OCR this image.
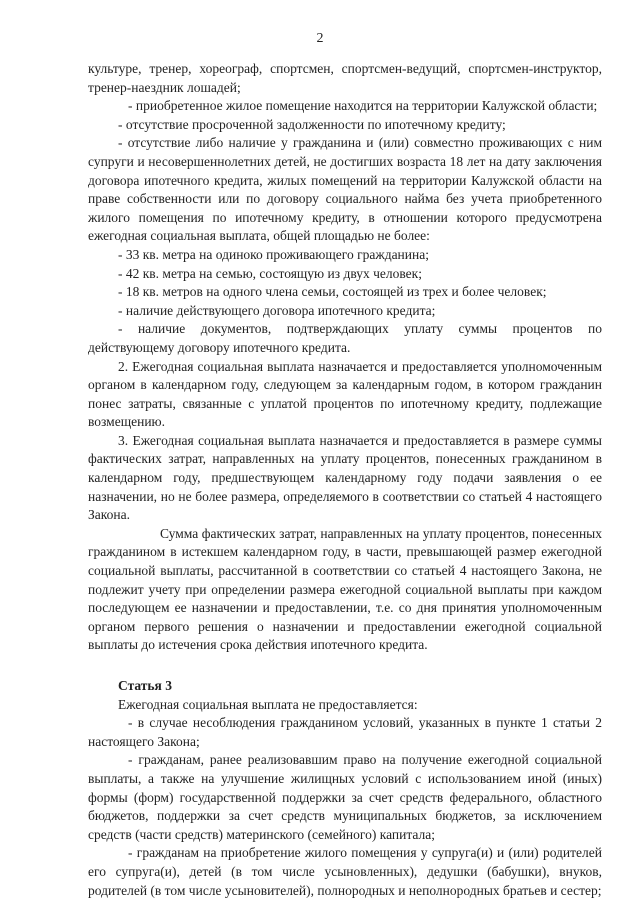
2

культуре, тренер, хореограф, спортсмен, спортсмен-ведущий, спортсмен-инструктор, тренер-наездник лошадей;

- приобретенное жилое помещение находится на территории Калужской области;

- отсутствие просроченной задолженности по ипотечному кредиту;

- отсутствие либо наличие у гражданина и (или) совместно проживающих с ним супруги и несовершеннолетних детей, не достигших возраста 18 лет на дату заключения договора ипотечного кредита, жилых помещений на территории Калужской области на праве собственности или по договору социального найма без учета приобретенного жилого помещения по ипотечному кредиту, в отношении которого предусмотрена ежегодная социальная выплата, общей площадью не более:

- 33 кв. метра на одиноко проживающего гражданина;

- 42 кв. метра на семью, состоящую из двух человек;

- 18 кв. метров на одного члена семьи, состоящей из трех и более человек;

- наличие действующего договора ипотечного кредита;

- наличие документов, подтверждающих уплату суммы процентов по действующему договору ипотечного кредита.

2. Ежегодная социальная выплата назначается и предоставляется уполномоченным органом в календарном году, следующем за календарным годом, в котором гражданин понес затраты, связанные с уплатой процентов по ипотечному кредиту, подлежащие возмещению.

3. Ежегодная социальная выплата назначается и предоставляется в размере суммы фактических затрат, направленных на уплату процентов, понесенных гражданином в календарном году, предшествующем календарному году подачи заявления о ее назначении, но не более размера, определяемого в соответствии со статьей 4 настоящего Закона.

Сумма фактических затрат, направленных на уплату процентов, понесенных гражданином в истекшем календарном году, в части, превышающей размер ежегодной социальной выплаты, рассчитанной в соответствии со статьей 4 настоящего Закона, не подлежит учету при определении размера ежегодной социальной выплаты при каждом последующем ее назначении и предоставлении, т.е. со дня принятия уполномоченным органом первого решения о назначении и предоставлении ежегодной социальной выплаты до истечения срока действия ипотечного кредита.

Статья 3

Ежегодная социальная выплата не предоставляется:

- в случае несоблюдения гражданином условий, указанных в пункте 1 статьи 2 настоящего Закона;

- гражданам, ранее реализовавшим право на получение ежегодной социальной выплаты, а также на улучшение жилищных условий с использованием иной (иных) формы (форм) государственной поддержки за счет средств федерального, областного бюджетов, поддержки за счет средств муниципальных бюджетов, за исключением средств (части средств) материнского (семейного) капитала;

- гражданам на приобретение жилого помещения у супруга(и) и (или) родителей его супруга(и), детей (в том числе усыновленных), дедушки (бабушки), внуков, родителей (в том числе усыновителей), полнородных и неполнородных братьев и сестер;
